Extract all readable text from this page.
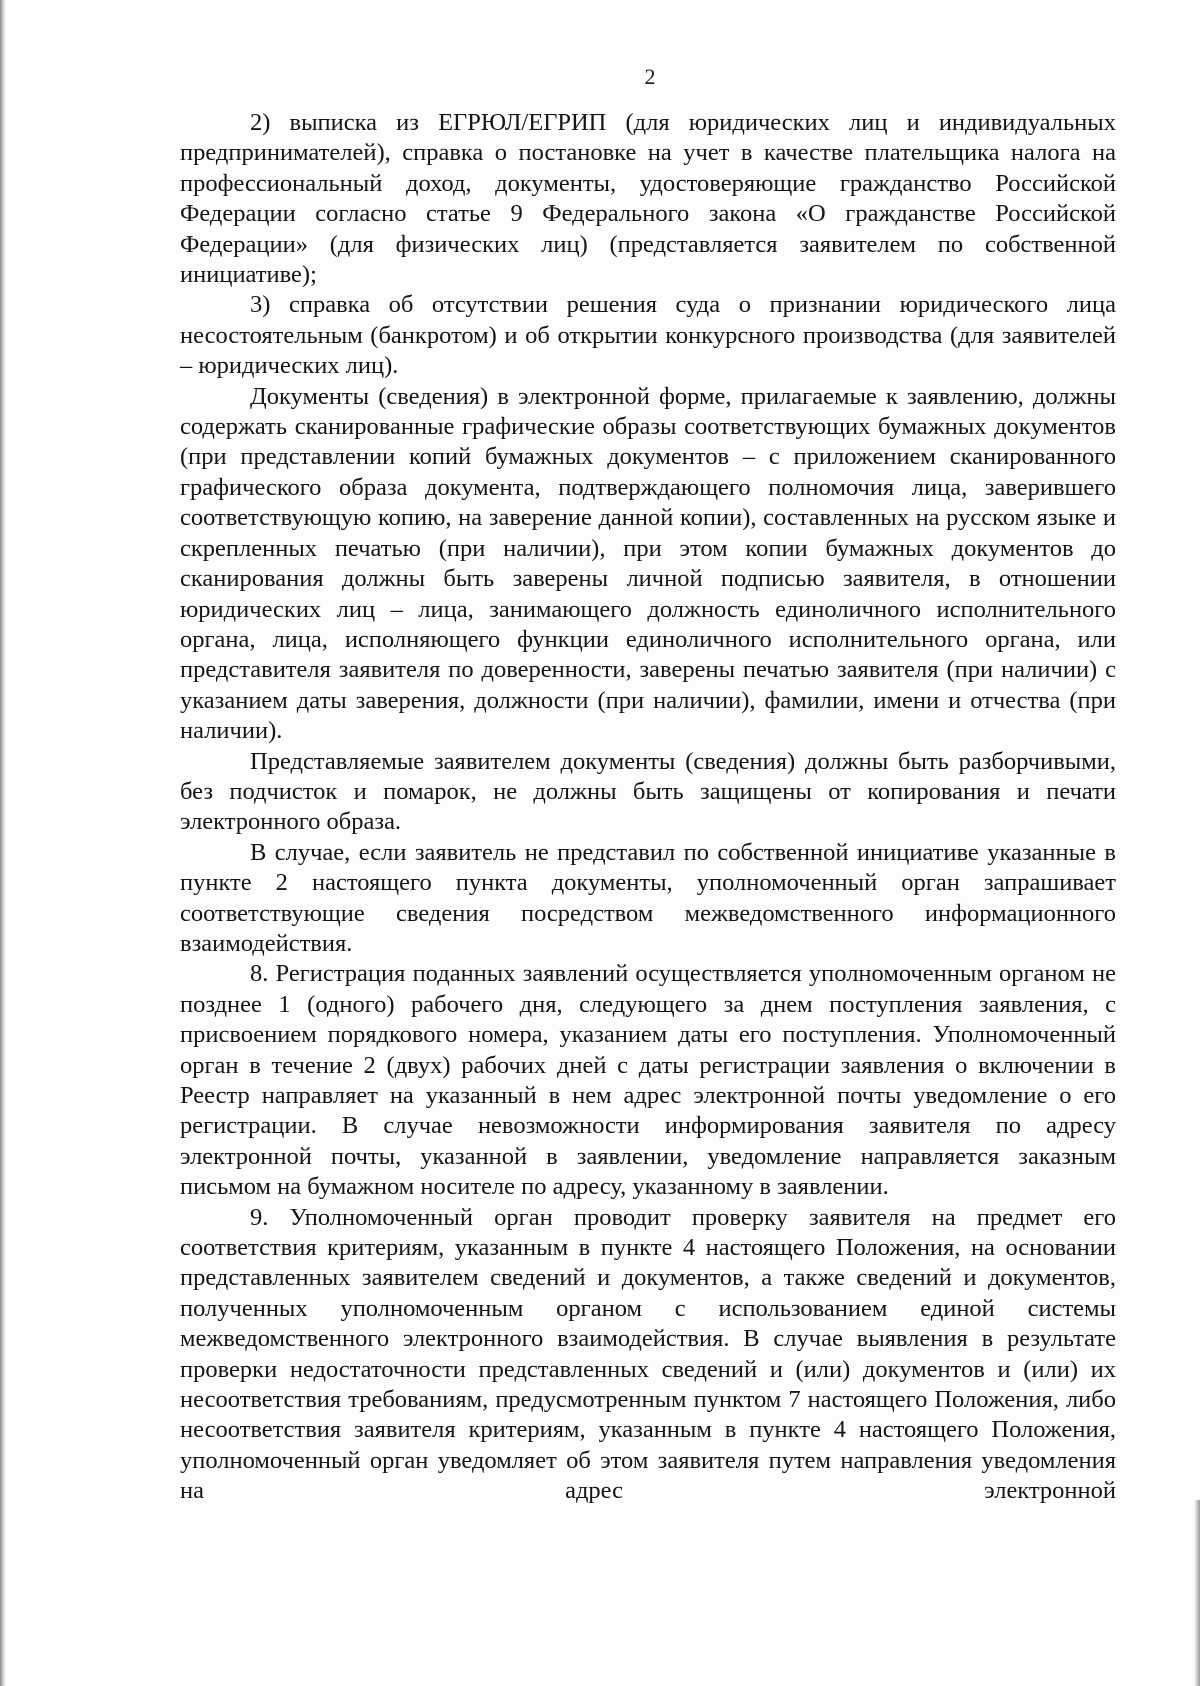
2

2) выписка из ЕГРЮЛ/ЕГРИП (для юридических лиц и индивидуальных предпринимателей), справка о постановке на учет в качестве плательщика налога на профессиональный доход, документы, удостоверяющие гражданство Российской Федерации согласно статье 9 Федерального закона «О гражданстве Российской Федерации» (для физических лиц) (представляется заявителем по собственной инициативе);

3) справка об отсутствии решения суда о признании юридического лица несостоятельным (банкротом) и об открытии конкурсного производства (для заявителей – юридических лиц).

Документы (сведения) в электронной форме, прилагаемые к заявлению, должны содержать сканированные графические образы соответствующих бумажных документов (при представлении копий бумажных документов – с приложением сканированного графического образа документа, подтверждающего полномочия лица, заверившего соответствующую копию, на заверение данной копии), составленных на русском языке и скрепленных печатью (при наличии), при этом копии бумажных документов до сканирования должны быть заверены личной подписью заявителя, в отношении юридических лиц – лица, занимающего должность единоличного исполнительного органа, лица, исполняющего функции единоличного исполнительного органа, или представителя заявителя по доверенности, заверены печатью заявителя (при наличии) с указанием даты заверения, должности (при наличии), фамилии, имени и отчества (при наличии).

Представляемые заявителем документы (сведения) должны быть разборчивыми, без подчисток и помарок, не должны быть защищены от копирования и печати электронного образа.

В случае, если заявитель не представил по собственной инициативе указанные в пункте 2 настоящего пункта документы, уполномоченный орган запрашивает соответствующие сведения посредством межведомственного информационного взаимодействия.

8. Регистрация поданных заявлений осуществляется уполномоченным органом не позднее 1 (одного) рабочего дня, следующего за днем поступления заявления, с присвоением порядкового номера, указанием даты его поступления. Уполномоченный орган в течение 2 (двух) рабочих дней с даты регистрации заявления о включении в Реестр направляет на указанный в нем адрес электронной почты уведомление о его регистрации. В случае невозможности информирования заявителя по адресу электронной почты, указанной в заявлении, уведомление направляется заказным письмом на бумажном носителе по адресу, указанному в заявлении.

9. Уполномоченный орган проводит проверку заявителя на предмет его соответствия критериям, указанным в пункте 4 настоящего Положения, на основании представленных заявителем сведений и документов, а также сведений и документов, полученных уполномоченным органом с использованием единой системы межведомственного электронного взаимодействия. В случае выявления в результате проверки недостаточности представленных сведений и (или) документов и (или) их несоответствия требованиям, предусмотренным пунктом 7 настоящего Положения, либо несоответствия заявителя критериям, указанным в пункте 4 настоящего Положения, уполномоченный орган уведомляет об этом заявителя путем направления уведомления на адрес электронной
